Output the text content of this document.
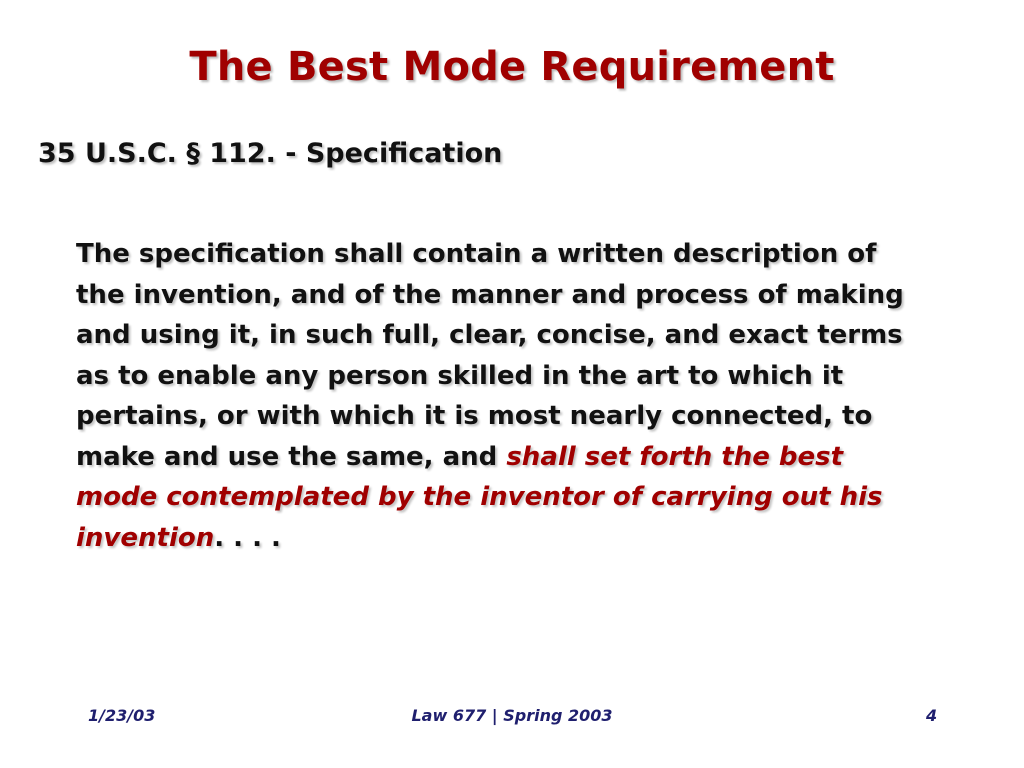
The Best Mode Requirement
35 U.S.C. § 112. - Specification

The specification shall contain a written description of
the invention, and of the manner and process of making
and using it, in such full, clear, concise, and exact terms
as to enable any person skilled in the art to which it
pertains, or with which it is most nearly connected, to
make and use the same, and shall set forth the best
mode contemplated by the inventor of carrying out his
invention. . . .

1/23/03	Law 677 | Spring 2003	4
